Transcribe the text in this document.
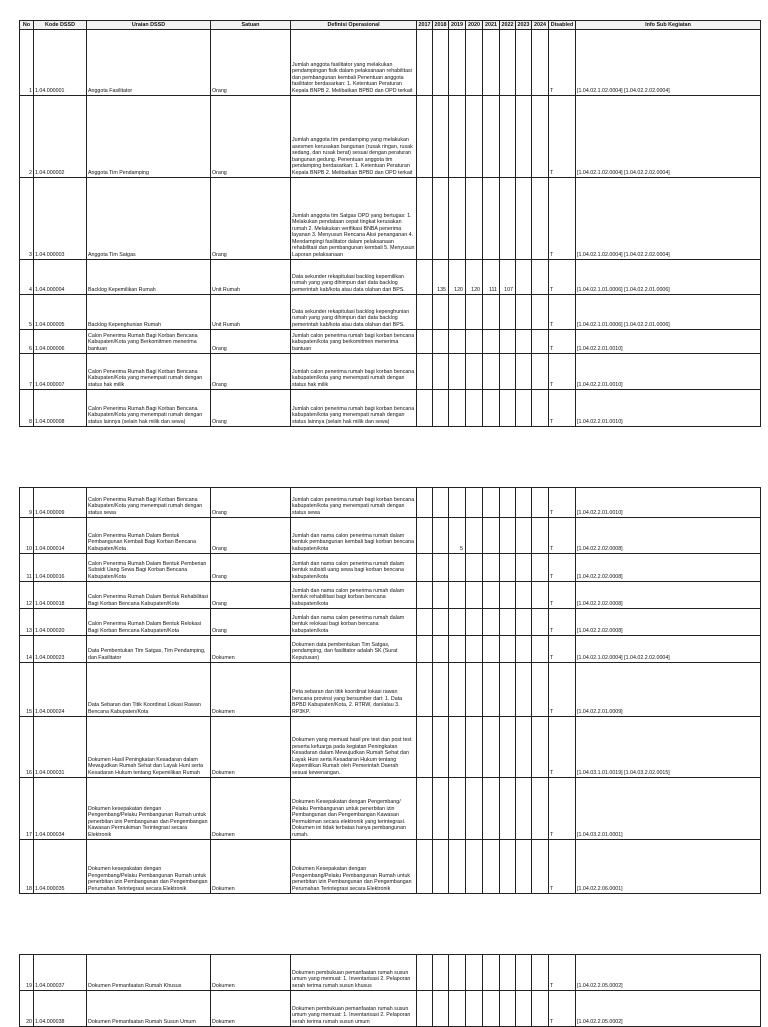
No	Kode DSSD	Uraian DSSD	Satuan	Definisi Operasional	2017	2018	2019	2020	2021	2022	2023	2024	Disabled	Info Sub Kegiatan
1	1.04.000001	Anggota Fasilitator	Orang	Jumlah anggota fasilitator yang melakukan pendampingan fisik dalam pelaksanaan rehabilitasi dan pembangunan kembali Penentuan anggota fasilitator berdasarkan: 1. Ketentuan Peraturan Kepala BNPB 2. Melibatkan BPBD dan OPD terkait									T	[1.04.02.1.02.0004] [1.04.02.2.02.0004]
2	1.04.000002	Anggota Tim Pendamping	Orang	Jumlah anggota tim pendamping yang melakukan asesmen kerusakan bangunan (rusak ringan, rusak sedang, dan rusak berat) sesuai dengan peraturan bangunan gedung. Penentuan anggota tim pendamping berdasarkan: 1. Ketentuan Peraturan Kepala BNPB 2. Melibatkan BPBD dan OPD terkait									T	[1.04.02.1.02.0004] [1.04.02.2.02.0004]
3	1.04.000003	Anggota Tim Satgas	Orang	Jumlah anggota tim Satgas OPD yang bertugas: 1. Melakukan pendataan cepat tingkat kerusakan rumah 2. Melakukan verifikasi BNBA penerima layanan 3. Menyusun Rencana Aksi penanganan 4. Mendampingi fasilitator dalam pelaksanaan rehabilitasi dan pembangunan kembali 5. Menyusun Laporan pelaksanaan									T	[1.04.02.1.02.0004] [1.04.02.2.02.0004]
4	1.04.000004	Backlog Kepemilikan Rumah	Unit Rumah	Data sekunder rekapitulasi backlog kepemilikan rumah yang yang dihimpun dari data backlog pemerintah kab/kota atau data olahan dari BPS.		135	120	120	111	107			T	[1.04.02.1.01.0006] [1.04.02.2.01.0006]
5	1.04.000005	Backlog Kepenghunian Rumah	Unit Rumah	Data sekunder rekapitulasi backlog kepenghunian rumah yang yang dihimpun dari data backlog pemerintah kab/kota atau data olahan dari BPS.									T	[1.04.02.1.01.0006] [1.04.02.2.01.0006]
6	1.04.000006	Calon Penerima Rumah Bagi Korban Bencana Kabupaten/Kota yang Berkomitmen menerima bantuan	Orang	Jumlah calon penerima rumah bagi korban bencana kabupaten/kota yang berkomitmen menerima bantuan									T	[1.04.02.2.01.0010]
7	1.04.000007	Calon Penerima Rumah Bagi Korban Bencana Kabupaten/Kota yang menempati rumah dengan status hak milik	Orang	Jumlah calon penerima rumah bagi korban bencana kabupaten/kota yang menempati rumah dengan status hak milik									T	[1.04.02.2.01.0010]
8	1.04.000008	Calon Penerima Rumah Bagi Korban Bencana Kabupaten/Kota yang menempati rumah dengan status lainnya (selain hak milik dan sewa)	Orang	Jumlah calon penerima rumah bagi korban bencana kabupaten/kota yang menempati rumah dengan status lainnya (selain hak milik dan sewa)									T	[1.04.02.2.01.0010]
9	1.04.000009	Calon Penerima Rumah Bagi Korban Bencana Kabupaten/Kota yang menempati rumah dengan status sewa	Orang	Jumlah calon penerima rumah bagi korban bencana kabupaten/kota yang menempati rumah dengan status sewa									T	[1.04.02.2.01.0010]
10	1.04.000014	Calon Penerima Rumah Dalam Bentuk Pembangunan Kembali Bagi Korban Bencana Kabupaten/Kota	Orang	Jumlah dan nama calon penerima rumah dalam bentuk pembangunan kembali bagi korban bencana kabupaten/kota			5						T	[1.04.02.2.02.0008]
11	1.04.000016	Calon Penerima Rumah Dalam Bentuk Pemberian Subsidi Uang Sewa Bagi Korban Bencana Kabupaten/Kota	Orang	Jumlah dan nama calon penerima rumah dalam bentuk subsidi uang sewa bagi korban bencana kabupaten/kota									T	[1.04.02.2.02.0008]
12	1.04.000018	Calon Penerima Rumah Dalam Bentuk Rehabilitasi Bagi Korban Bencana Kabupaten/Kota	Orang	Jumlah dan nama calon penerima rumah dalam bentuk rehabilitasi bagi korban bencana kabupaten/kota									T	[1.04.02.2.02.0008]
13	1.04.000020	Calon Penerima Rumah Dalam Bentuk Relokasi Bagi Korban Bencana Kabupaten/Kota	Orang	Jumlah dan nama calon penerima rumah dalam bentuk relokasi bagi korban bencana kabupaten/kota									T	[1.04.02.2.02.0008]
14	1.04.000023	Data Pembentukan Tim Satgas, Tim Pendamping, dan Fasilitator	Dokumen	Dokumen data pembentukan Tim Satgas, pendamping, dan fasilitator adalah SK (Surat Keputusan)									T	[1.04.02.1.02.0004] [1.04.02.2.02.0004]
15	1.04.000024	Data Sebaran dan Titik Koordinat Lokasi Rawan Bencana Kabupaten/Kota	Dokumen	Peta sebaran dan titik koordinat lokasi rawan bencana provinsi yang bersumber dari: 1. Data BPBD Kabupaten/Kota, 2. RTRW, dan/atau 3. RP3KP.									T	[1.04.02.2.01.0009]
16	1.04.000031	Dokumen Hasil Peningkatan Kesadaran dalam Mewujudkan Rumah Sehat dan Layak Huni serta Kesadaran Hukum tentang Kepemilikan Rumah	Dokumen	Dokumen yang memuat hasil pre test dan post test peserta kefuarga pada kegiatan Peningkatan Kesadaran dalam Mewujudkan Rumah Sehat dan Layak Huni serta Kesadaran Hukum tentang Kepemilikan Rumah oleh Pemerintah Daerah sesuai kewenangan.									T	[1.04.03.1.01.0019] [1.04.03.2.02.0015]
17	1.04.000034	Dokumen kesepakatan dengan Pengembang/Pelaku Pembangunan Rumah untuk penerbitan izin Pembangunan dan Pengembangan Kawasan Permukiman Terintegrasi secara Elektronik	Dokumen	Dokumen Kesepakatan dengan Pengembang/ Pelaku Pembangunan untuk penerbitan izin Pembangunan dan Pengembangan Kawasan Permukiman secara elektronik yang terintegrasi. Dokumen ini tidak terbatas hanya pembangunan rumah.									T	[1.04.03.2.01.0001]
18	1.04.000035	Dokumen kesepakatan dengan Pengembang/Pelaku Pembangunan Rumah untuk penerbitan izin Pembangunan dan Pengembangan Perumahan Terintegrasi secara Elektronik	Dokumen	Dokumen Kesepakatan dengan Pengembang/Pelaku Pembangunan Rumah untuk penerbitan izin Pembangunan dan Pengembangan Perumahan Terintegrasi secara Elektronik									T	[1.04.02.2.06.0001]
19	1.04.000037	Dokumen Pemanfaatan Rumah Khusus	Dokumen	Dokumen pembukuan pemanfaatan rumah susun umum yang memuat: 1. Inventarisasi 2. Pelaporan serah terima rumah susun khusus									T	[1.04.02.2.05.0002]
20	1.04.000038	Dokumen Pemanfaatan Rumah Susun Umum	Dokumen	Dokumen pembukuan pemanfaatan rumah susun umum yang memuat: 1. Inventarisasi 2. Pelaporan serah terima rumah susun umum									T	[1.04.02.2.05.0002]
